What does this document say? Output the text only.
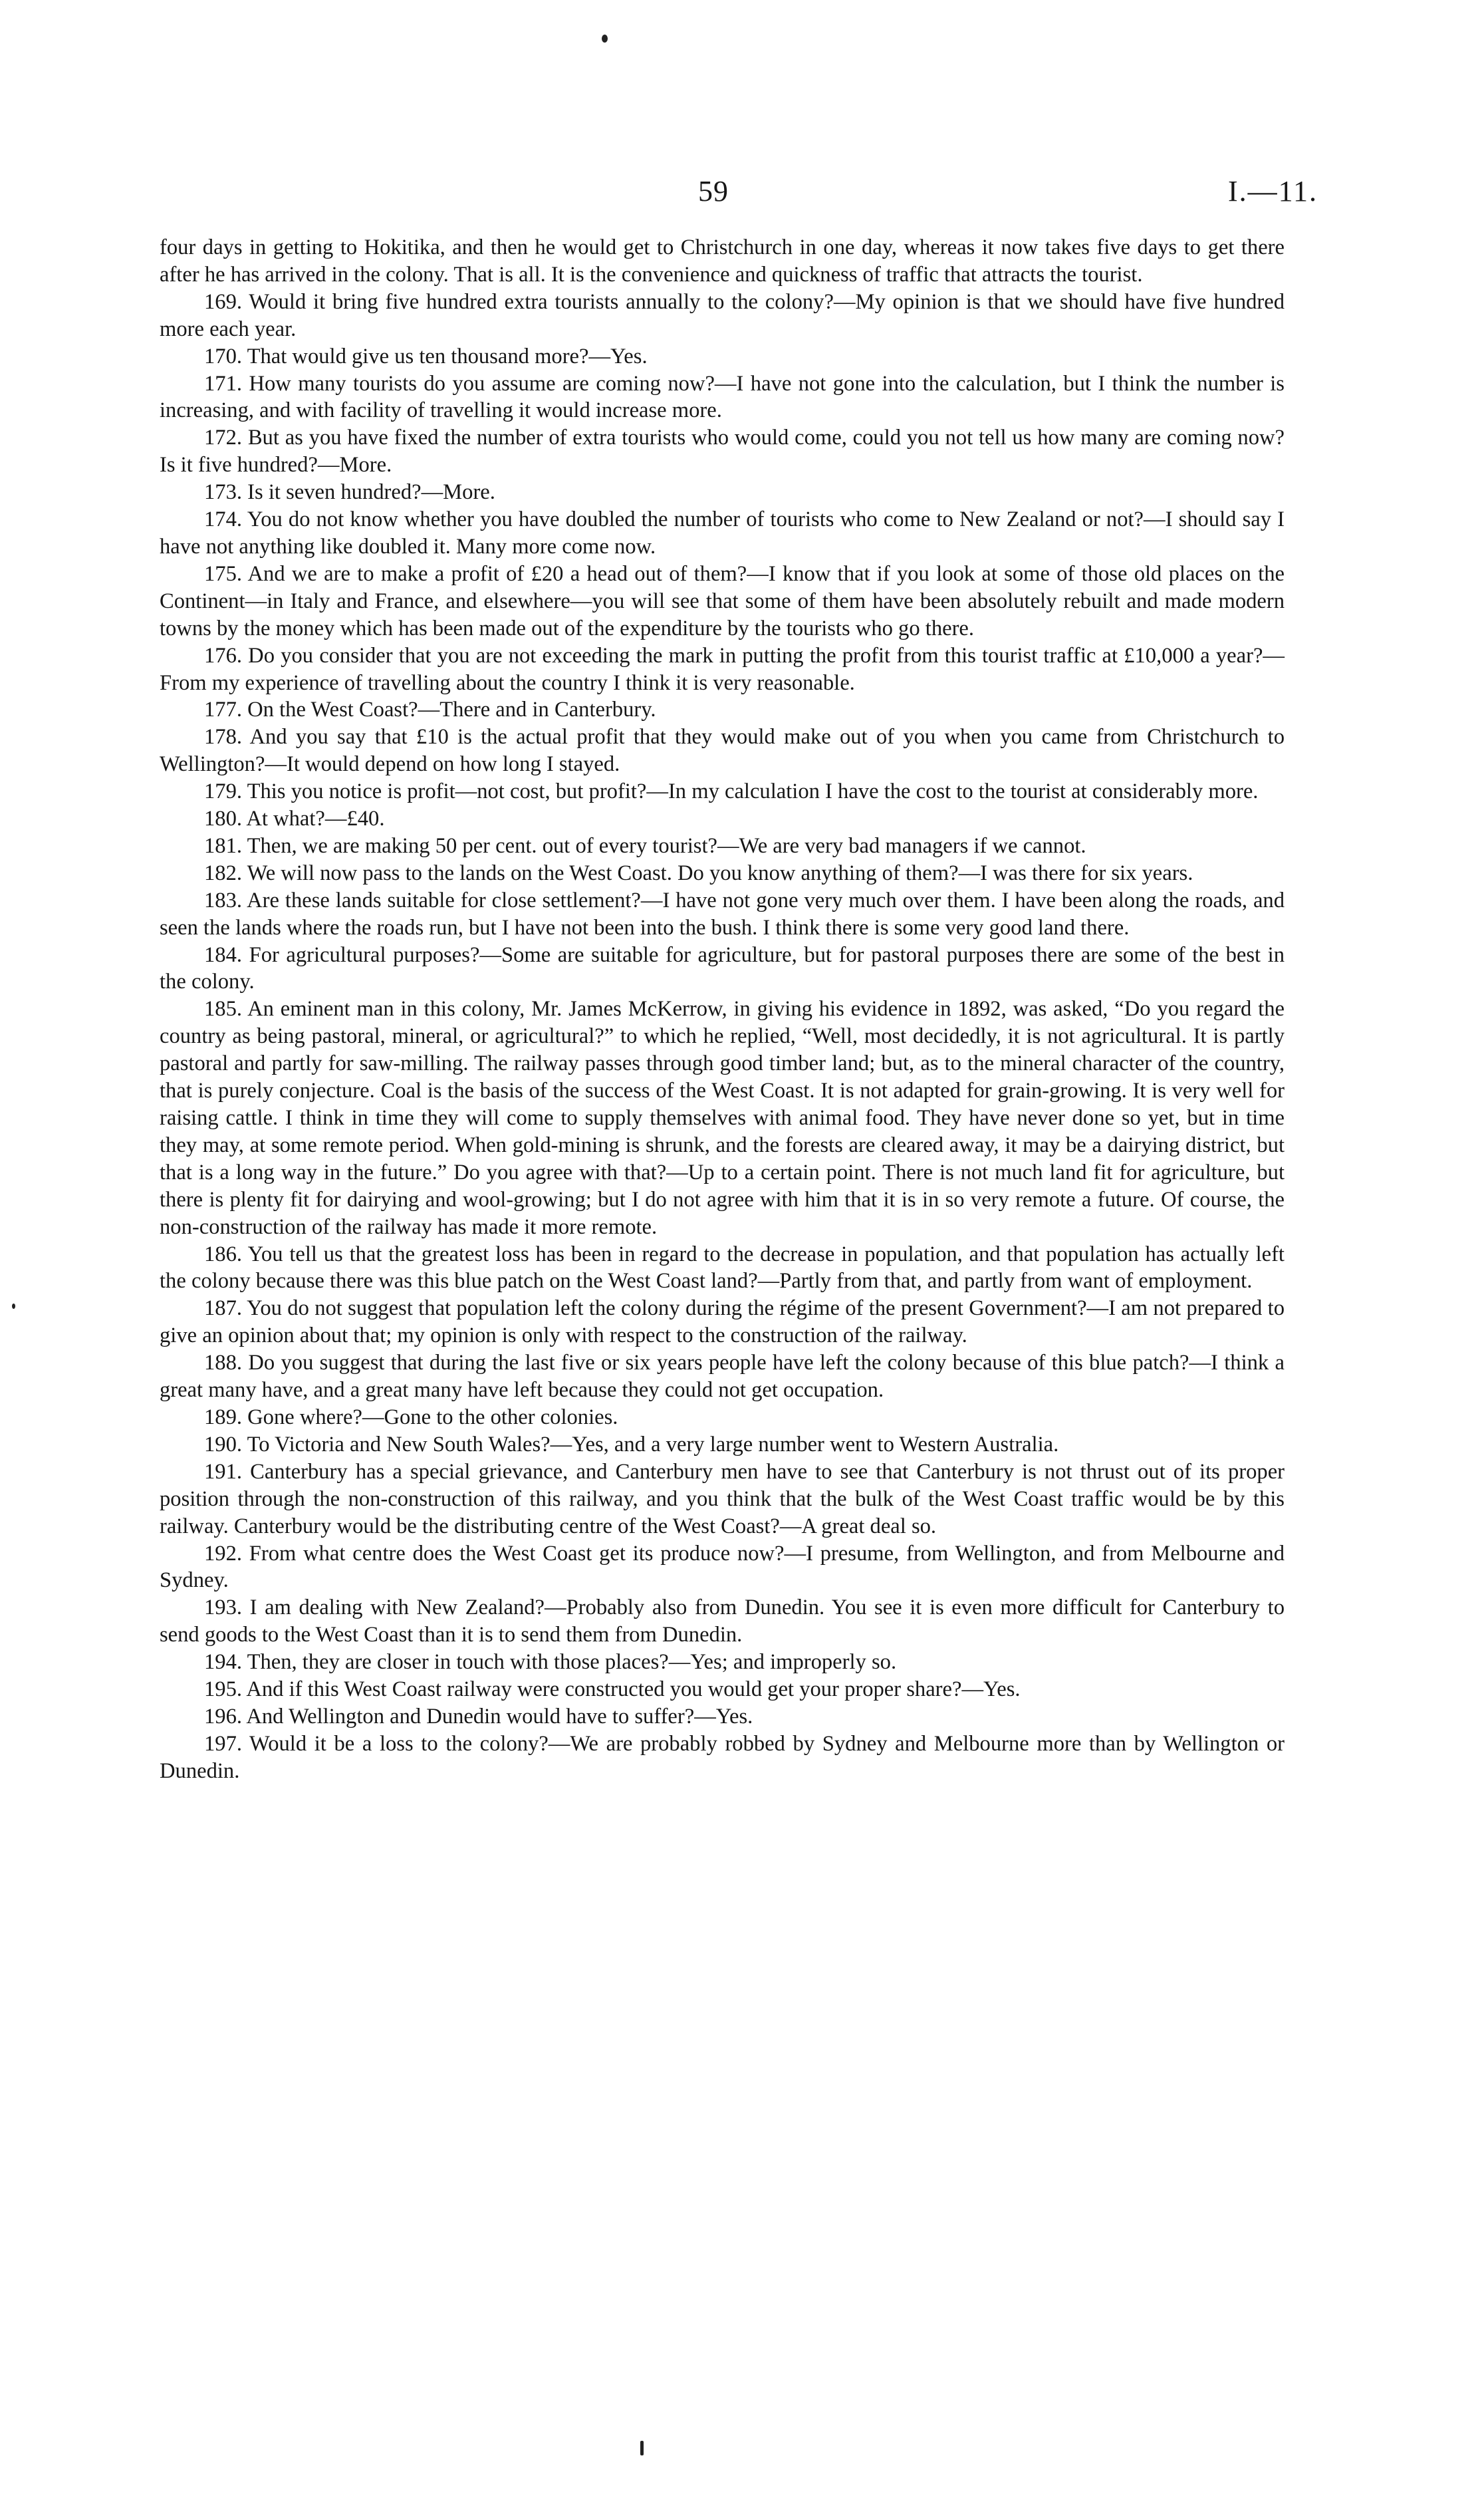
59	I.—11.

four days in getting to Hokitika, and then he would get to Christchurch in one day, whereas it now takes five days to get there after he has arrived in the colony. That is all. It is the convenience and quickness of traffic that attracts the tourist.

169. Would it bring five hundred extra tourists annually to the colony?—My opinion is that we should have five hundred more each year.

170. That would give us ten thousand more?—Yes.

171. How many tourists do you assume are coming now?—I have not gone into the calculation, but I think the number is increasing, and with facility of travelling it would increase more.

172. But as you have fixed the number of extra tourists who would come, could you not tell us how many are coming now? Is it five hundred?—More.

173. Is it seven hundred?—More.

174. You do not know whether you have doubled the number of tourists who come to New Zealand or not?—I should say I have not anything like doubled it. Many more come now.

175. And we are to make a profit of £20 a head out of them?—I know that if you look at some of those old places on the Continent—in Italy and France, and elsewhere—you will see that some of them have been absolutely rebuilt and made modern towns by the money which has been made out of the expenditure by the tourists who go there.

176. Do you consider that you are not exceeding the mark in putting the profit from this tourist traffic at £10,000 a year?—From my experience of travelling about the country I think it is very reasonable.

177. On the West Coast?—There and in Canterbury.

178. And you say that £10 is the actual profit that they would make out of you when you came from Christchurch to Wellington?—It would depend on how long I stayed.

179. This you notice is profit—not cost, but profit?—In my calculation I have the cost to the tourist at considerably more.

180. At what?—£40.

181. Then, we are making 50 per cent. out of every tourist?—We are very bad managers if we cannot.

182. We will now pass to the lands on the West Coast. Do you know anything of them?—I was there for six years.

183. Are these lands suitable for close settlement?—I have not gone very much over them. I have been along the roads, and seen the lands where the roads run, but I have not been into the bush. I think there is some very good land there.

184. For agricultural purposes?—Some are suitable for agriculture, but for pastoral purposes there are some of the best in the colony.

185. An eminent man in this colony, Mr. James McKerrow, in giving his evidence in 1892, was asked, “Do you regard the country as being pastoral, mineral, or agricultural?” to which he replied, “Well, most decidedly, it is not agricultural. It is partly pastoral and partly for saw-milling. The railway passes through good timber land; but, as to the mineral character of the country, that is purely conjecture. Coal is the basis of the success of the West Coast. It is not adapted for grain-growing. It is very well for raising cattle. I think in time they will come to supply themselves with animal food. They have never done so yet, but in time they may, at some remote period. When gold-mining is shrunk, and the forests are cleared away, it may be a dairying district, but that is a long way in the future.” Do you agree with that?—Up to a certain point. There is not much land fit for agriculture, but there is plenty fit for dairying and wool-growing; but I do not agree with him that it is in so very remote a future. Of course, the non-construction of the railway has made it more remote.

186. You tell us that the greatest loss has been in regard to the decrease in population, and that population has actually left the colony because there was this blue patch on the West Coast land?—Partly from that, and partly from want of employment.

187. You do not suggest that population left the colony during the régime of the present Government?—I am not prepared to give an opinion about that; my opinion is only with respect to the construction of the railway.

188. Do you suggest that during the last five or six years people have left the colony because of this blue patch?—I think a great many have, and a great many have left because they could not get occupation.

189. Gone where?—Gone to the other colonies.

190. To Victoria and New South Wales?—Yes, and a very large number went to Western Australia.

191. Canterbury has a special grievance, and Canterbury men have to see that Canterbury is not thrust out of its proper position through the non-construction of this railway, and you think that the bulk of the West Coast traffic would be by this railway. Canterbury would be the distributing centre of the West Coast?—A great deal so.

192. From what centre does the West Coast get its produce now?—I presume, from Wellington, and from Melbourne and Sydney.

193. I am dealing with New Zealand?—Probably also from Dunedin. You see it is even more difficult for Canterbury to send goods to the West Coast than it is to send them from Dunedin.

194. Then, they are closer in touch with those places?—Yes; and improperly so.

195. And if this West Coast railway were constructed you would get your proper share?—Yes.

196. And Wellington and Dunedin would have to suffer?—Yes.

197. Would it be a loss to the colony?—We are probably robbed by Sydney and Melbourne more than by Wellington or Dunedin.
